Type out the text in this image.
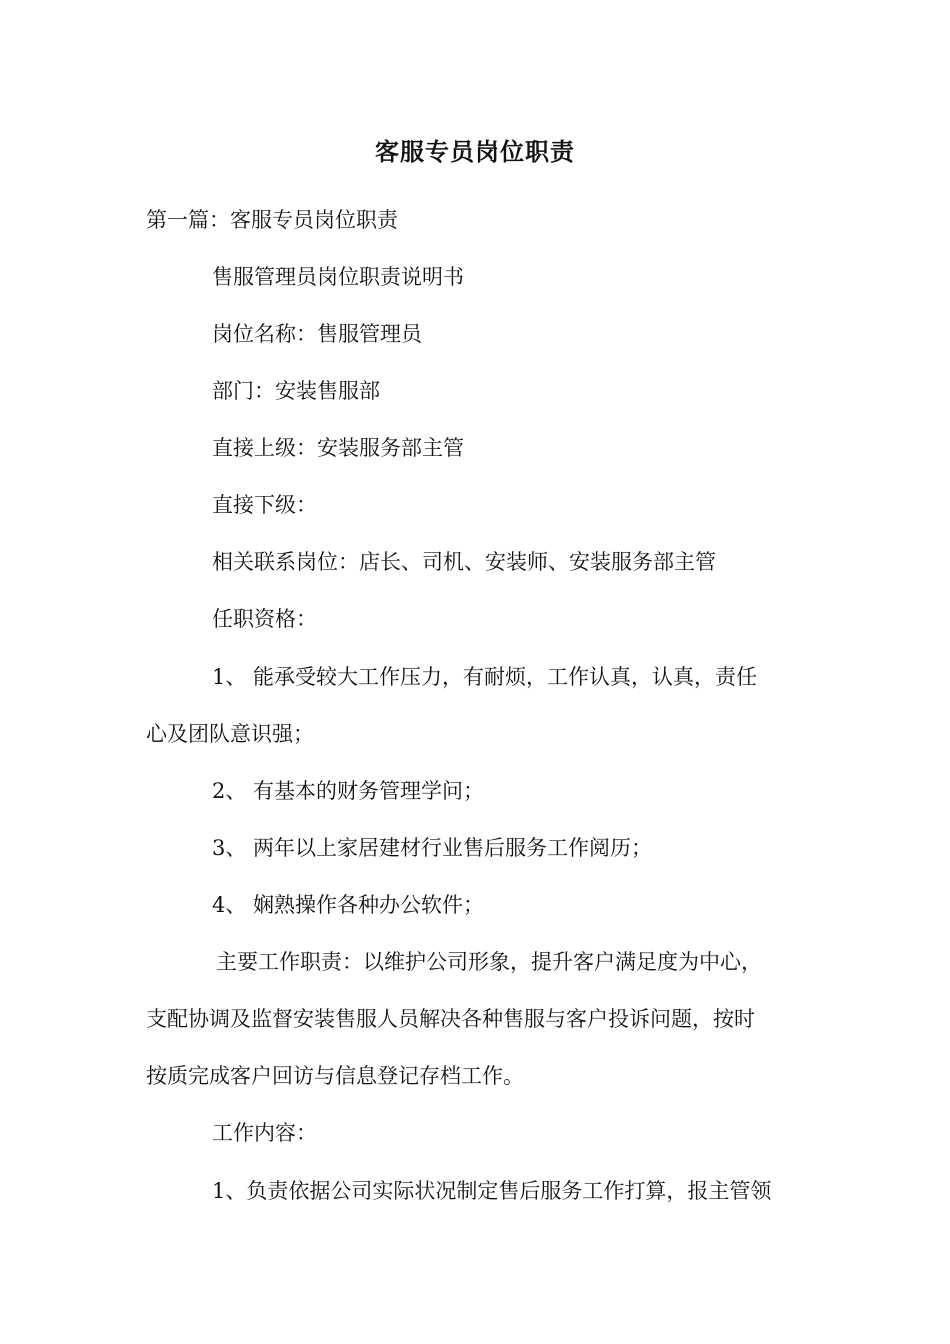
客服专员岗位职责

第一篇：客服专员岗位职责

售服管理员岗位职责说明书

岗位名称：售服管理员

部门：安装售服部

直接上级：安装服务部主管

直接下级：

相关联系岗位：店长、司机、安装师、安装服务部主管

任职资格：

1、 能承受较大工作压力，有耐烦，工作认真，认真，责任

心及团队意识强；

2、 有基本的财务管理学问；

3、 两年以上家居建材行业售后服务工作阅历；

4、 娴熟操作各种办公软件；

主要工作职责：以维护公司形象，提升客户满足度为中心，

支配协调及监督安装售服人员解决各种售服与客户投诉问题，按时

按质完成客户回访与信息登记存档工作。

工作内容：

1、负责依据公司实际状况制定售后服务工作打算，报主管领
